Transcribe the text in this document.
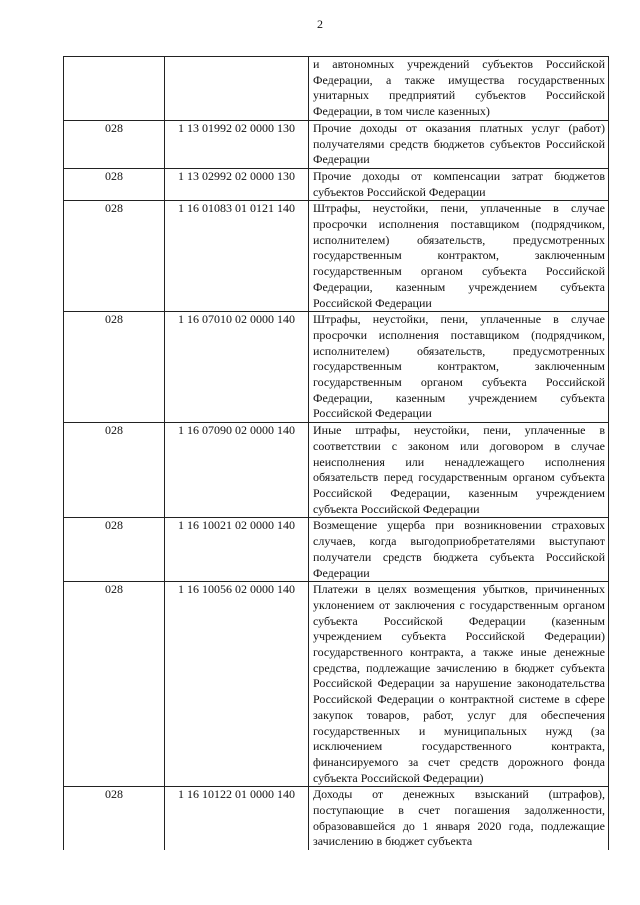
2
		и автономных учреждений субъектов Российской Федерации, а также имущества государственных унитарных предприятий субъектов Российской Федерации, в том числе казенных)
028	1 13 01992 02 0000 130	Прочие доходы от оказания платных услуг (работ) получателями средств бюджетов субъектов Российской Федерации
028	1 13 02992 02 0000 130	Прочие доходы от компенсации затрат бюджетов субъектов Российской Федерации
028	1 16 01083 01 0121 140	Штрафы, неустойки, пени, уплаченные в случае просрочки исполнения поставщиком (подрядчиком, исполнителем) обязательств, предусмотренных государственным контрактом, заключенным государственным органом субъекта Российской Федерации, казенным учреждением субъекта Российской Федерации
028	1 16 07010 02 0000 140	Штрафы, неустойки, пени, уплаченные в случае просрочки исполнения поставщиком (подрядчиком, исполнителем) обязательств, предусмотренных государственным контрактом, заключенным государственным органом субъекта Российской Федерации, казенным учреждением субъекта Российской Федерации
028	1 16 07090 02 0000 140	Иные штрафы, неустойки, пени, уплаченные в соответствии с законом или договором в случае неисполнения или ненадлежащего исполнения обязательств перед государственным органом субъекта Российской Федерации, казенным учреждением субъекта Российской Федерации
028	1 16 10021 02 0000 140	Возмещение ущерба при возникновении страховых случаев, когда выгодоприобретателями выступают получатели средств бюджета субъекта Российской Федерации
028	1 16 10056 02 0000 140	Платежи в целях возмещения убытков, причиненных уклонением от заключения с государственным органом субъекта Российской Федерации (казенным учреждением субъекта Российской Федерации) государственного контракта, а также иные денежные средства, подлежащие зачислению в бюджет субъекта Российской Федерации за нарушение законодательства Российской Федерации о контрактной системе в сфере закупок товаров, работ, услуг для обеспечения государственных и муниципальных нужд (за исключением государственного контракта, финансируемого за счет средств дорожного фонда субъекта Российской Федерации)
028	1 16 10122 01 0000 140	Доходы от денежных взысканий (штрафов), поступающие в счет погашения задолженности, образовавшейся до 1 января 2020 года, подлежащие зачислению в бюджет субъекта
